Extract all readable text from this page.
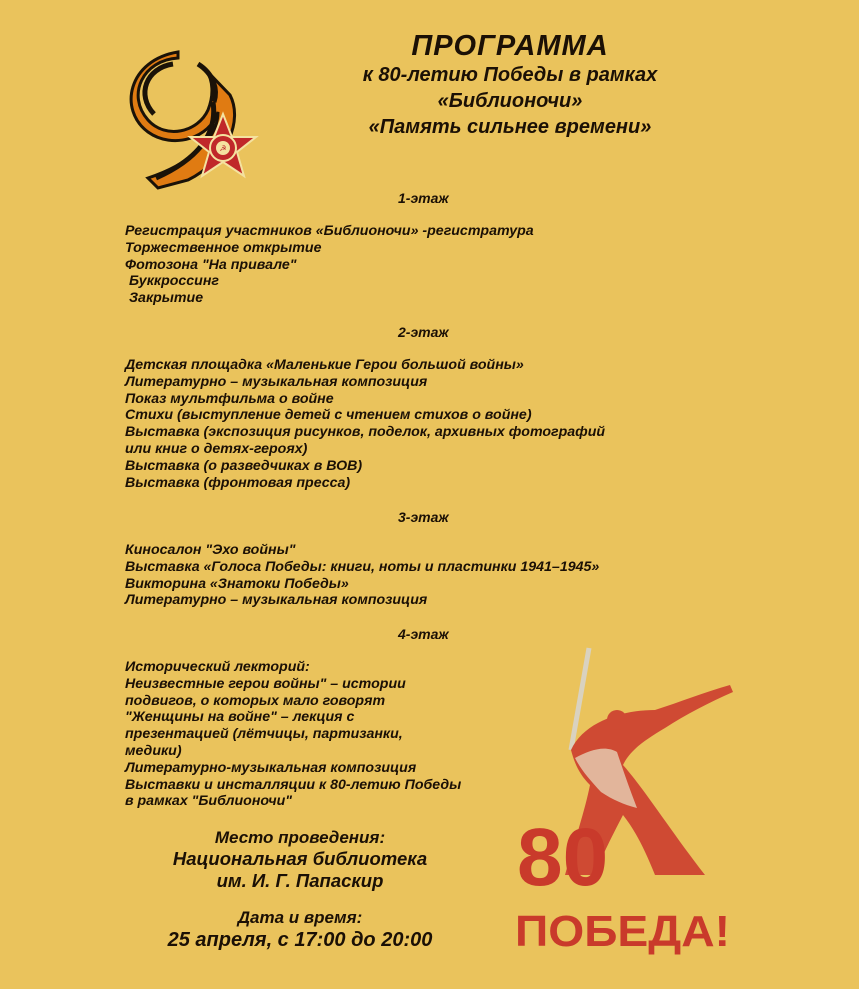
☭
ПРОГРАММА

к 80-летию Победы в рамках

«Библионочи»

«Память сильнее времени»

1-этаж
Регистрация участников «Библионочи» -регистратура
Торжественное открытие
Фотозона "На привале"
Буккроссинг
Закрытие
2-этаж
Детская площадка «Маленькие Герои большой войны»
Литературно – музыкальная композиция
Показ мультфильма о войне
Стихи (выступление детей с чтением стихов о войне)
Выставка (экспозиция рисунков, поделок, архивных фотографий
или книг о детях-героях)
Выставка (о разведчиках в ВОВ)
Выставка (фронтовая пресса)
3-этаж
Киносалон "Эхо войны"
Выставка «Голоса Победы: книги, ноты и пластинки 1941–1945»
Викторина «Знатоки Победы»
Литературно – музыкальная композиция
4-этаж
Исторический лекторий:
Неизвестные герои войны" – истории
подвигов, о которых мало говорят
"Женщины на войне" – лекция с
презентацией (лётчицы, партизанки,
медики)
Литературно-музыкальная композиция
Выставки и инсталляции к 80-летию Победы
в рамках "Библионочи"
Место проведения:
Национальная библиотека
им. И. Г. Папаскир
Дата и время:
25 апреля, с 17:00 до 20:00
80
ПОБЕДА!
